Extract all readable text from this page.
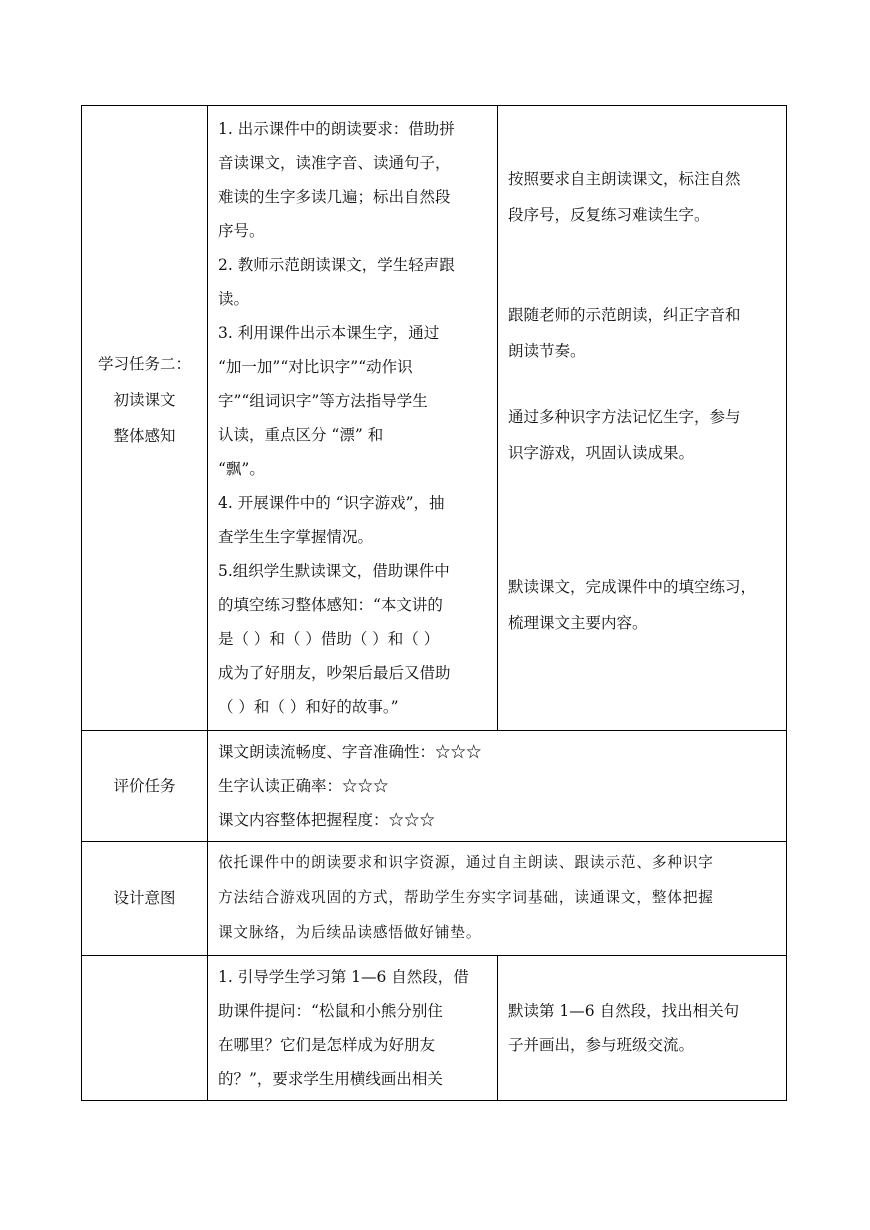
学习任务二：
初读课文
整体感知
1. 出示课件中的朗读要求：借助拼
音读课文，读准字音、读通句子，
难读的生字多读几遍；标出自然段
序号。
2. 教师示范朗读课文，学生轻声跟
读。
3. 利用课件出示本课生字，通过
“加一加”“对比识字”“动作识
字”“组词识字”等方法指导学生
认读，重点区分 “漂” 和
“飘”。
4. 开展课件中的 “识字游戏”，抽
查学生生字掌握情况。
5.组织学生默读课文，借助课件中
的填空练习整体感知：“本文讲的
是（ ）和（ ）借助（ ）和（ ）
成为了好朋友，吵架后最后又借助
（ ）和（ ）和好的故事。”
按照要求自主朗读课文，标注自然
段序号，反复练习难读生字。
跟随老师的示范朗读，纠正字音和
朗读节奏。
通过多种识字方法记忆生字，参与
识字游戏，巩固认读成果。
默读课文，完成课件中的填空练习，
梳理课文主要内容。
评价任务
课文朗读流畅度、字音准确性：☆☆☆
生字认读正确率：☆☆☆
课文内容整体把握程度：☆☆☆
设计意图
依托课件中的朗读要求和识字资源，通过自主朗读、跟读示范、多种识字
方法结合游戏巩固的方式，帮助学生夯实字词基础，读通课文，整体把握
课文脉络，为后续品读感悟做好铺垫。
1. 引导学生学习第 1—6 自然段，借
助课件提问：“松鼠和小熊分别住
在哪里？它们是怎样成为好朋友
的？”，要求学生用横线画出相关
默读第 1—6 自然段，找出相关句
子并画出，参与班级交流。
